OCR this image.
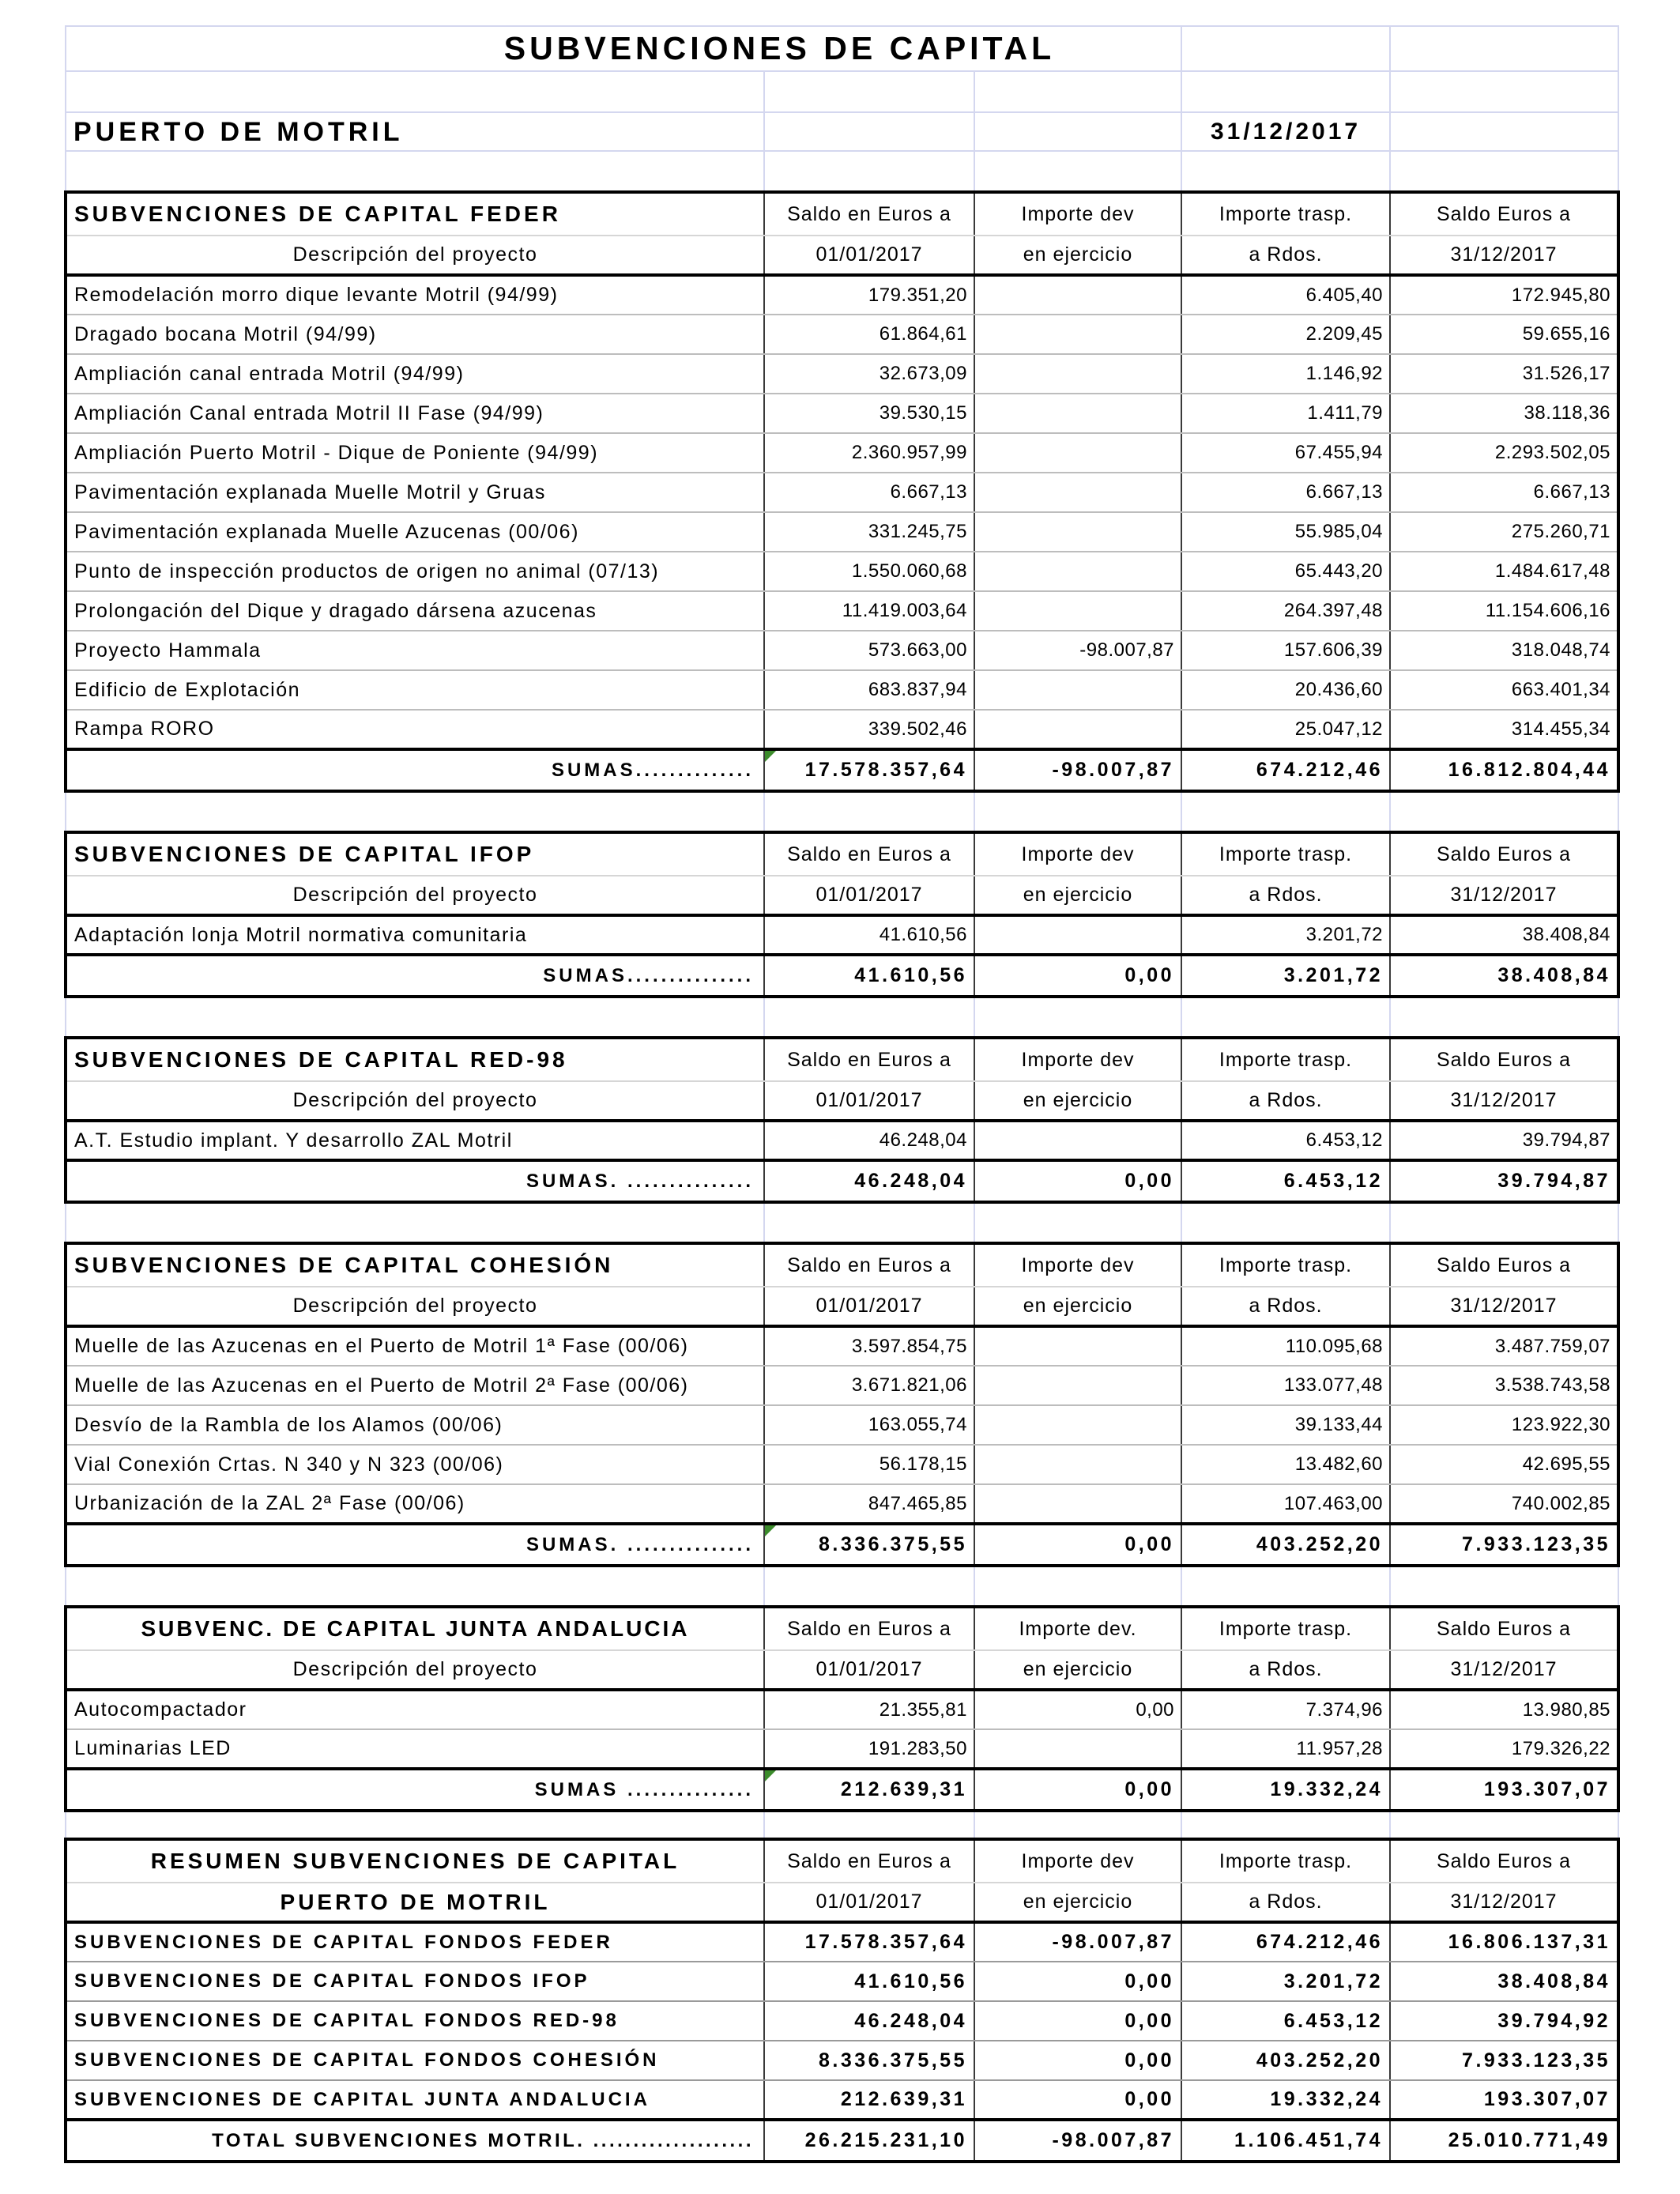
SUBVENCIONES DE CAPITAL				

PUERTO DE MOTRIL			31/12/2017	

SUBVENCIONES DE CAPITAL FEDER	Saldo en Euros a	Importe dev	Importe trasp.	Saldo Euros a
Descripción del proyecto	01/01/2017	en ejercicio	a Rdos.	31/12/2017
Remodelación morro dique levante Motril (94/99)	179.351,20		6.405,40	172.945,80
Dragado bocana Motril (94/99)	61.864,61		2.209,45	59.655,16
Ampliación canal entrada Motril (94/99)	32.673,09		1.146,92	31.526,17
Ampliación Canal entrada Motril II Fase (94/99)	39.530,15		1.411,79	38.118,36
Ampliación Puerto Motril - Dique de Poniente (94/99)	2.360.957,99		67.455,94	2.293.502,05
Pavimentación explanada Muelle Motril y Gruas	6.667,13		6.667,13	6.667,13
Pavimentación explanada Muelle Azucenas (00/06)	331.245,75		55.985,04	275.260,71
Punto de inspección productos de origen no animal (07/13)	1.550.060,68		65.443,20	1.484.617,48
Prolongación del Dique y dragado dársena azucenas	11.419.003,64		264.397,48	11.154.606,16
Proyecto Hammala	573.663,00	-98.007,87	157.606,39	318.048,74
Edificio de Explotación	683.837,94		20.436,60	663.401,34
Rampa RORO	339.502,46		25.047,12	314.455,34
SUMAS..............	17.578.357,64	-98.007,87	674.212,46	16.812.804,44

SUBVENCIONES DE CAPITAL IFOP	Saldo en Euros a	Importe dev	Importe trasp.	Saldo Euros a
Descripción del proyecto	01/01/2017	en ejercicio	a Rdos.	31/12/2017
Adaptación lonja Motril normativa comunitaria	41.610,56		3.201,72	38.408,84
SUMAS...............	41.610,56	0,00	3.201,72	38.408,84

SUBVENCIONES DE CAPITAL RED-98	Saldo en Euros a	Importe dev	Importe trasp.	Saldo Euros a
Descripción del proyecto	01/01/2017	en ejercicio	a Rdos.	31/12/2017
A.T. Estudio implant. Y desarrollo ZAL Motril	46.248,04		6.453,12	39.794,87
SUMAS. ...............	46.248,04	0,00	6.453,12	39.794,87

SUBVENCIONES DE CAPITAL COHESIÓN	Saldo en Euros a	Importe dev	Importe trasp.	Saldo Euros a
Descripción del proyecto	01/01/2017	en ejercicio	a Rdos.	31/12/2017
Muelle de las Azucenas en el Puerto de Motril 1ª Fase (00/06)	3.597.854,75		110.095,68	3.487.759,07
Muelle de las Azucenas en el Puerto de Motril 2ª Fase (00/06)	3.671.821,06		133.077,48	3.538.743,58
Desvío de la Rambla de los Alamos (00/06)	163.055,74		39.133,44	123.922,30
Vial Conexión Crtas. N 340 y N 323 (00/06)	56.178,15		13.482,60	42.695,55
Urbanización de la ZAL 2ª Fase (00/06)	847.465,85		107.463,00	740.002,85
SUMAS. ...............	8.336.375,55	0,00	403.252,20	7.933.123,35

SUBVENC. DE CAPITAL JUNTA ANDALUCIA	Saldo en Euros a	Importe dev.	Importe trasp.	Saldo Euros a
Descripción del proyecto	01/01/2017	en ejercicio	a Rdos.	31/12/2017
Autocompactador	21.355,81	0,00	7.374,96	13.980,85
Luminarias LED	191.283,50		11.957,28	179.326,22
SUMAS ...............	212.639,31	0,00	19.332,24	193.307,07

RESUMEN SUBVENCIONES DE CAPITAL	Saldo en Euros a	Importe dev	Importe trasp.	Saldo Euros a
PUERTO DE MOTRIL	01/01/2017	en ejercicio	a Rdos.	31/12/2017
SUBVENCIONES DE CAPITAL FONDOS FEDER	17.578.357,64	-98.007,87	674.212,46	16.806.137,31
SUBVENCIONES DE CAPITAL FONDOS IFOP	41.610,56	0,00	3.201,72	38.408,84
SUBVENCIONES DE CAPITAL FONDOS RED-98	46.248,04	0,00	6.453,12	39.794,92
SUBVENCIONES DE CAPITAL FONDOS COHESIÓN	8.336.375,55	0,00	403.252,20	7.933.123,35
SUBVENCIONES DE CAPITAL JUNTA ANDALUCIA	212.639,31	0,00	19.332,24	193.307,07
TOTAL SUBVENCIONES MOTRIL. ....................	26.215.231,10	-98.007,87	1.106.451,74	25.010.771,49
